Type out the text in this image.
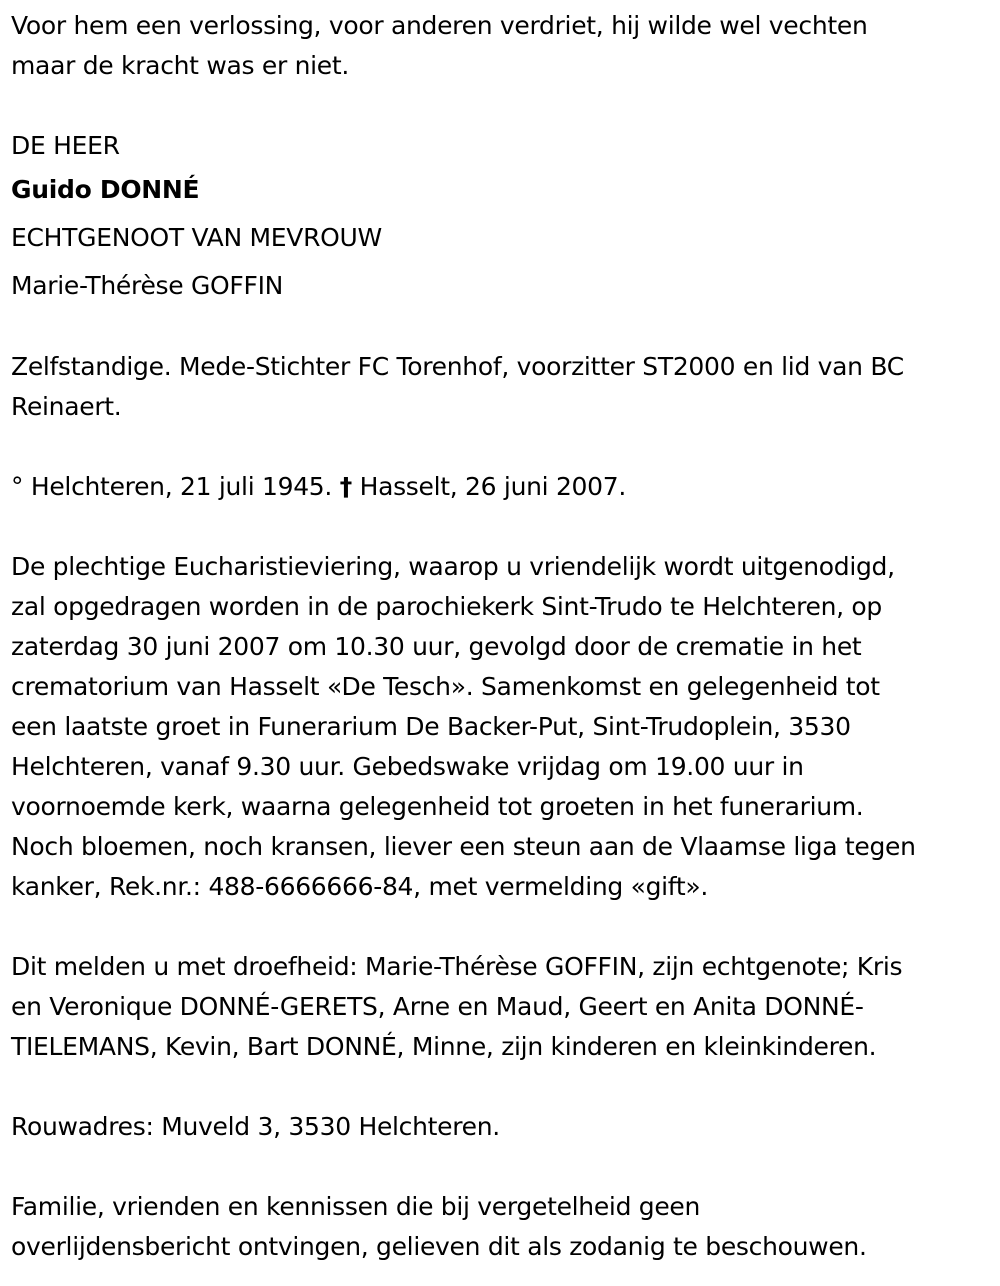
Voor hem een verlossing, voor anderen verdriet, hij wilde wel vechten

maar de kracht was er niet.

DE HEER

Guido DONNÉ

ECHTGENOOT VAN MEVROUW

Marie-Thérèse GOFFIN

Zelfstandige. Mede-Stichter FC Torenhof, voorzitter ST2000 en lid van BC

Reinaert.

° Helchteren, 21 juli 1945. † Hasselt, 26 juni 2007.

De plechtige Eucharistieviering, waarop u vriendelijk wordt uitgenodigd,

zal opgedragen worden in de parochiekerk Sint-Trudo te Helchteren, op

zaterdag 30 juni 2007 om 10.30 uur, gevolgd door de crematie in het

crematorium van Hasselt «De Tesch». Samenkomst en gelegenheid tot

een laatste groet in Funerarium De Backer-Put, Sint-Trudoplein, 3530

Helchteren, vanaf 9.30 uur. Gebedswake vrijdag om 19.00 uur in

voornoemde kerk, waarna gelegenheid tot groeten in het funerarium.

Noch bloemen, noch kransen, liever een steun aan de Vlaamse liga tegen

kanker, Rek.nr.: 488-6666666-84, met vermelding «gift».

Dit melden u met droefheid: Marie-Thérèse GOFFIN, zijn echtgenote; Kris

en Veronique DONNÉ-GERETS, Arne en Maud, Geert en Anita DONNÉ-

TIELEMANS, Kevin, Bart DONNÉ, Minne, zijn kinderen en kleinkinderen.

Rouwadres: Muveld 3, 3530 Helchteren.

Familie, vrienden en kennissen die bij vergetelheid geen

overlijdensbericht ontvingen, gelieven dit als zodanig te beschouwen.
